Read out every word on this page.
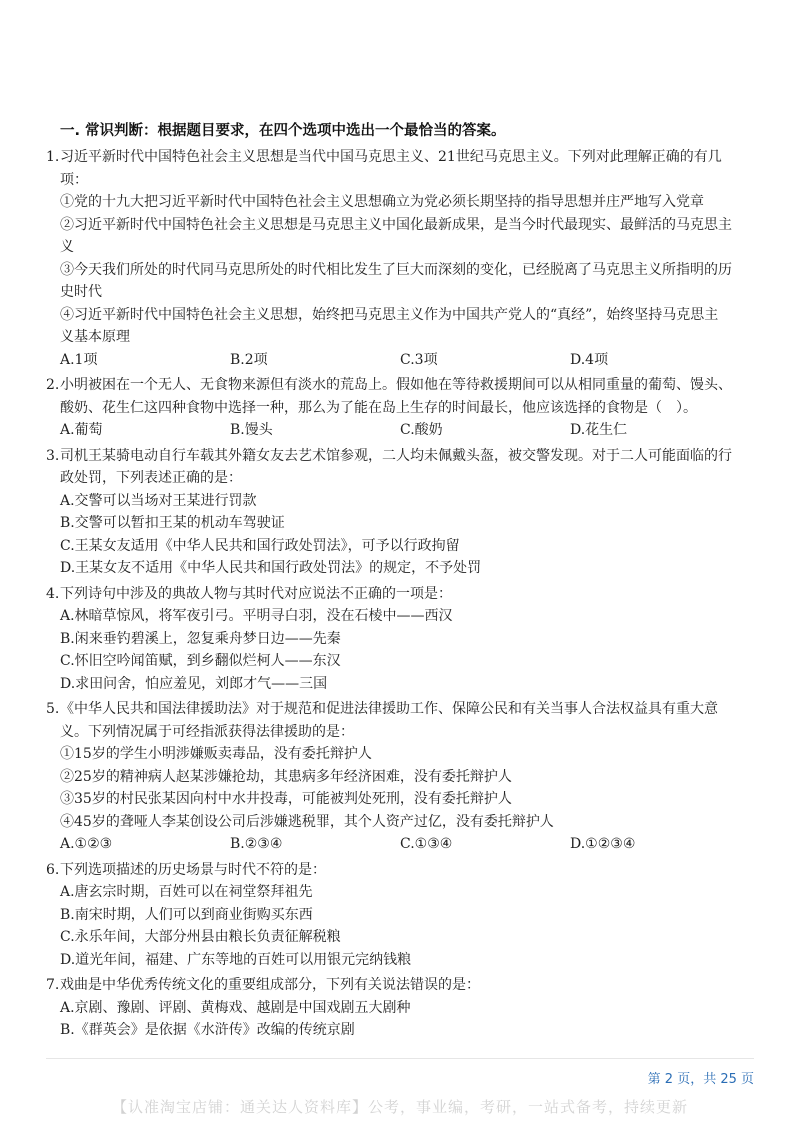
一. 常识判断：根据题目要求，在四个选项中选出一个最恰当的答案。
1. 习近平新时代中国特色社会主义思想是当代中国马克思主义、21世纪马克思主义。下列对此理解正确的有几
项：
①党的十九大把习近平新时代中国特色社会主义思想确立为党必须长期坚持的指导思想并庄严地写入党章
②习近平新时代中国特色社会主义思想是马克思主义中国化最新成果，是当今时代最现实、最鲜活的马克思主
义
③今天我们所处的时代同马克思所处的时代相比发生了巨大而深刻的变化，已经脱离了马克思主义所指明的历
史时代
④习近平新时代中国特色社会主义思想，始终把马克思主义作为中国共产党人的“真经”，始终坚持马克思主
义基本原理
A.1项	B.2项	C.3项	D.4项
2. 小明被困在一个无人、无食物来源但有淡水的荒岛上。假如他在等待救援期间可以从相同重量的葡萄、馒头、
酸奶、花生仁这四种食物中选择一种，那么为了能在岛上生存的时间最长，他应该选择的食物是（　）。
A.葡萄	B.馒头	C.酸奶	D.花生仁
3. 司机王某骑电动自行车载其外籍女友去艺术馆参观，二人均未佩戴头盔，被交警发现。对于二人可能面临的行
政处罚，下列表述正确的是：
A.交警可以当场对王某进行罚款
B.交警可以暂扣王某的机动车驾驶证
C.王某女友适用《中华人民共和国行政处罚法》，可予以行政拘留
D.王某女友不适用《中华人民共和国行政处罚法》的规定，不予处罚
4. 下列诗句中涉及的典故人物与其时代对应说法不正确的一项是：
A.林暗草惊风，将军夜引弓。平明寻白羽，没在石棱中——西汉
B.闲来垂钓碧溪上，忽复乘舟梦日边——先秦
C.怀旧空吟闻笛赋，到乡翻似烂柯人——东汉
D.求田问舍，怕应羞见，刘郎才气——三国
5. 《中华人民共和国法律援助法》对于规范和促进法律援助工作、保障公民和有关当事人合法权益具有重大意
义。下列情况属于可经指派获得法律援助的是：
①15岁的学生小明涉嫌贩卖毒品，没有委托辩护人
②25岁的精神病人赵某涉嫌抢劫，其患病多年经济困难，没有委托辩护人
③35岁的村民张某因向村中水井投毒，可能被判处死刑，没有委托辩护人
④45岁的聋哑人李某创设公司后涉嫌逃税罪，其个人资产过亿，没有委托辩护人
A.①②③	B.②③④	C.①③④	D.①②③④
6. 下列选项描述的历史场景与时代不符的是：
A.唐玄宗时期，百姓可以在祠堂祭拜祖先
B.南宋时期，人们可以到商业街购买东西
C.永乐年间，大部分州县由粮长负责征解税粮
D.道光年间，福建、广东等地的百姓可以用银元完纳钱粮
7. 戏曲是中华优秀传统文化的重要组成部分，下列有关说法错误的是：
A.京剧、豫剧、评剧、黄梅戏、越剧是中国戏剧五大剧种
B.《群英会》是依据《水浒传》改编的传统京剧
第 2 页，共 25 页
【认准淘宝店铺：通关达人资料库】公考，事业编，考研，一站式备考，持续更新
